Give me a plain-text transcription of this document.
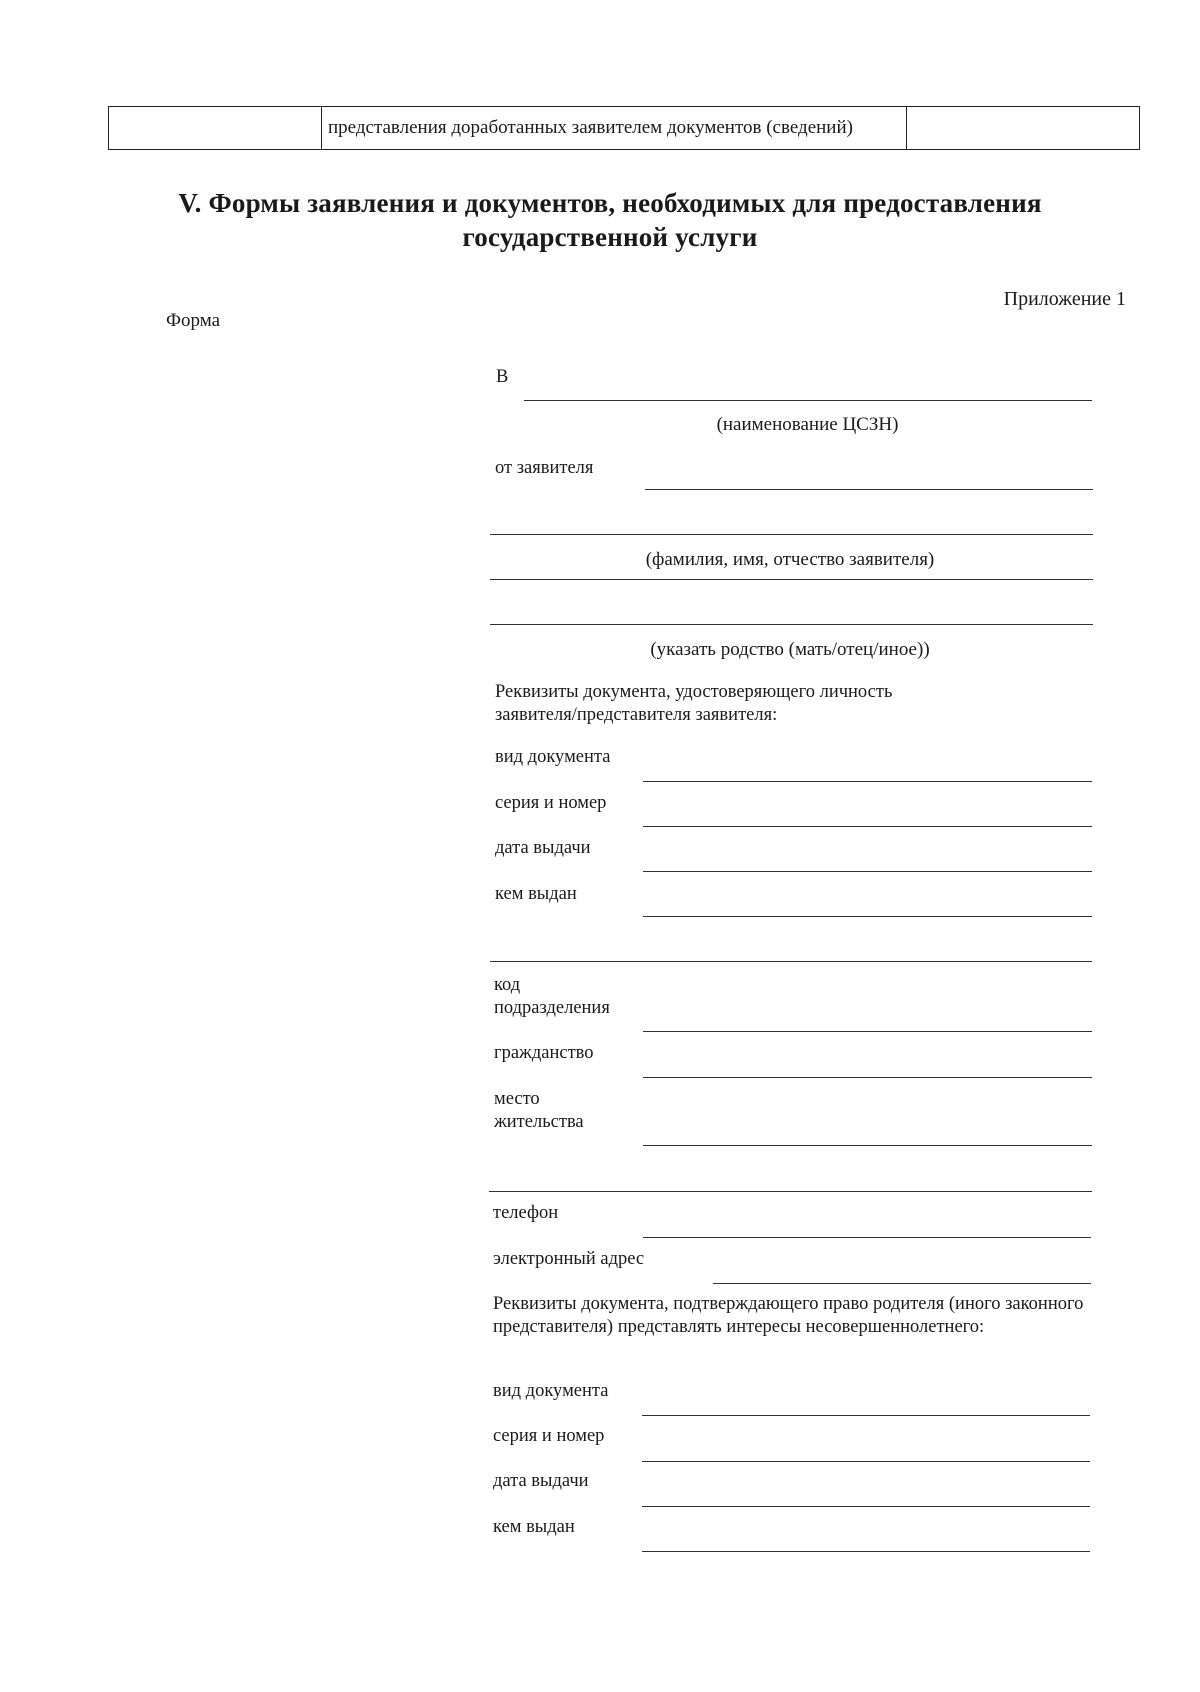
представления доработанных заявителем документов (сведений)
V. Формы заявления и документов, необходимых для предоставления
государственной услуги
Приложение 1
Форма
В
(наименование ЦСЗН)
от заявителя
(фамилия, имя, отчество заявителя)
(указать родство (мать/отец/иное))
Реквизиты документа, удостоверяющего личность заявителя/представителя заявителя:
вид документа
серия и номер
дата выдачи
кем выдан
код подразделения
гражданство
место жительства
телефон
электронный адрес
Реквизиты документа, подтверждающего право родителя (иного законного представителя) представлять интересы несовершеннолетнего:
вид документа
серия и номер
дата выдачи
кем выдан
